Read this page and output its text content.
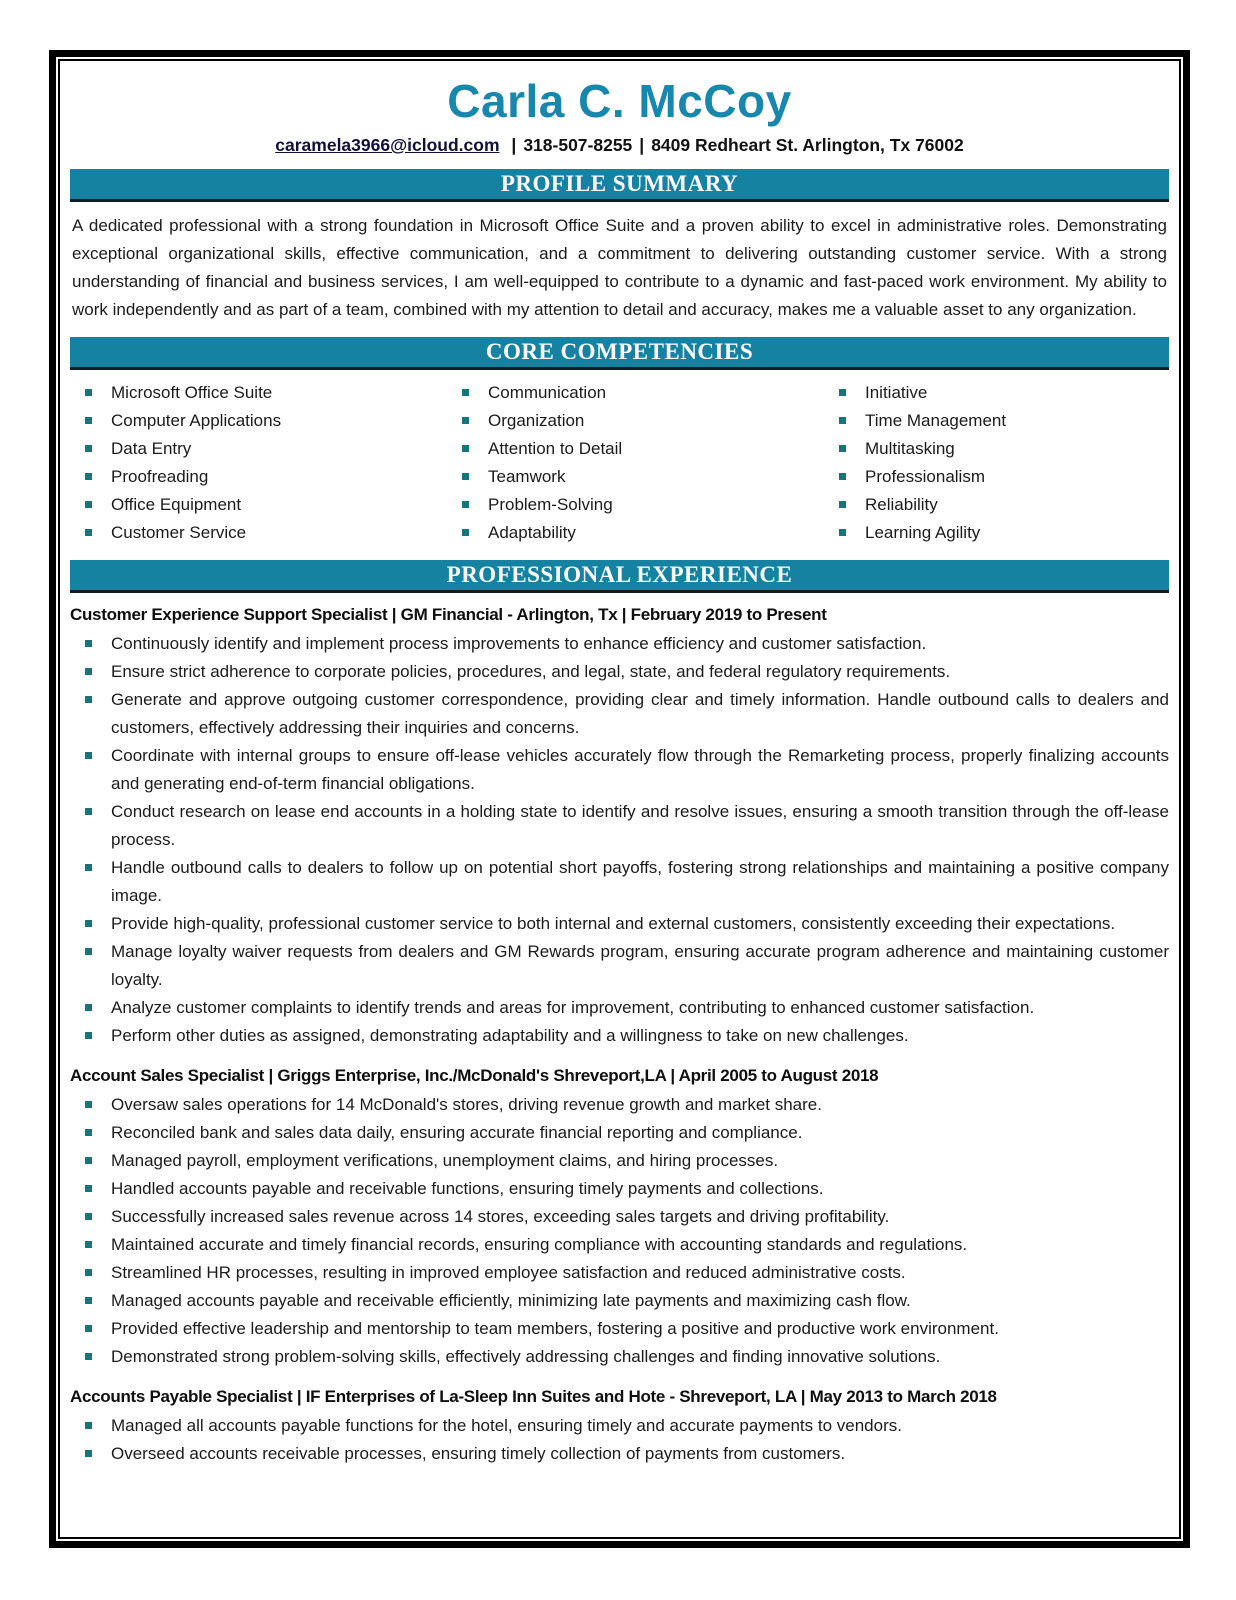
Carla C. McCoy
caramela3966@icloud.com | 318-507-8255 | 8409 Redheart St. Arlington, Tx 76002
PROFILE SUMMARY

A dedicated professional with a strong foundation in Microsoft Office Suite and a proven ability to excel in administrative roles. Demonstrating exceptional organizational skills, effective communication, and a commitment to delivering outstanding customer service. With a strong understanding of financial and business services, I am well-equipped to contribute to a dynamic and fast-paced work environment. My ability to work independently and as part of a team, combined with my attention to detail and accuracy, makes me a valuable asset to any organization.

CORE COMPETENCIES
Microsoft Office Suite
Computer Applications
Data Entry
Proofreading
Office Equipment
Customer Service
Communication
Organization
Attention to Detail
Teamwork
Problem-Solving
Adaptability
Initiative
Time Management
Multitasking
Professionalism
Reliability
Learning Agility
PROFESSIONAL EXPERIENCE
Customer Experience Support Specialist | GM Financial - Arlington, Tx | February 2019 to Present
Continuously identify and implement process improvements to enhance efficiency and customer satisfaction.
Ensure strict adherence to corporate policies, procedures, and legal, state, and federal regulatory requirements.
Generate and approve outgoing customer correspondence, providing clear and timely information. Handle outbound calls to dealers and customers, effectively addressing their inquiries and concerns.
Coordinate with internal groups to ensure off-lease vehicles accurately flow through the Remarketing process, properly finalizing accounts and generating end-of-term financial obligations.
Conduct research on lease end accounts in a holding state to identify and resolve issues, ensuring a smooth transition through the off-lease process.
Handle outbound calls to dealers to follow up on potential short payoffs, fostering strong relationships and maintaining a positive company image.
Provide high-quality, professional customer service to both internal and external customers, consistently exceeding their expectations.
Manage loyalty waiver requests from dealers and GM Rewards program, ensuring accurate program adherence and maintaining customer loyalty.
Analyze customer complaints to identify trends and areas for improvement, contributing to enhanced customer satisfaction.
Perform other duties as assigned, demonstrating adaptability and a willingness to take on new challenges.
Account Sales Specialist | Griggs Enterprise, Inc./McDonald's Shreveport,LA | April 2005 to August 2018
Oversaw sales operations for 14 McDonald's stores, driving revenue growth and market share.
Reconciled bank and sales data daily, ensuring accurate financial reporting and compliance.
Managed payroll, employment verifications, unemployment claims, and hiring processes.
Handled accounts payable and receivable functions, ensuring timely payments and collections.
Successfully increased sales revenue across 14 stores, exceeding sales targets and driving profitability.
Maintained accurate and timely financial records, ensuring compliance with accounting standards and regulations.
Streamlined HR processes, resulting in improved employee satisfaction and reduced administrative costs.
Managed accounts payable and receivable efficiently, minimizing late payments and maximizing cash flow.
Provided effective leadership and mentorship to team members, fostering a positive and productive work environment.
Demonstrated strong problem-solving skills, effectively addressing challenges and finding innovative solutions.
Accounts Payable Specialist | IF Enterprises of La-Sleep Inn Suites and Hote - Shreveport, LA | May 2013 to March 2018
Managed all accounts payable functions for the hotel, ensuring timely and accurate payments to vendors.
Overseed accounts receivable processes, ensuring timely collection of payments from customers.
